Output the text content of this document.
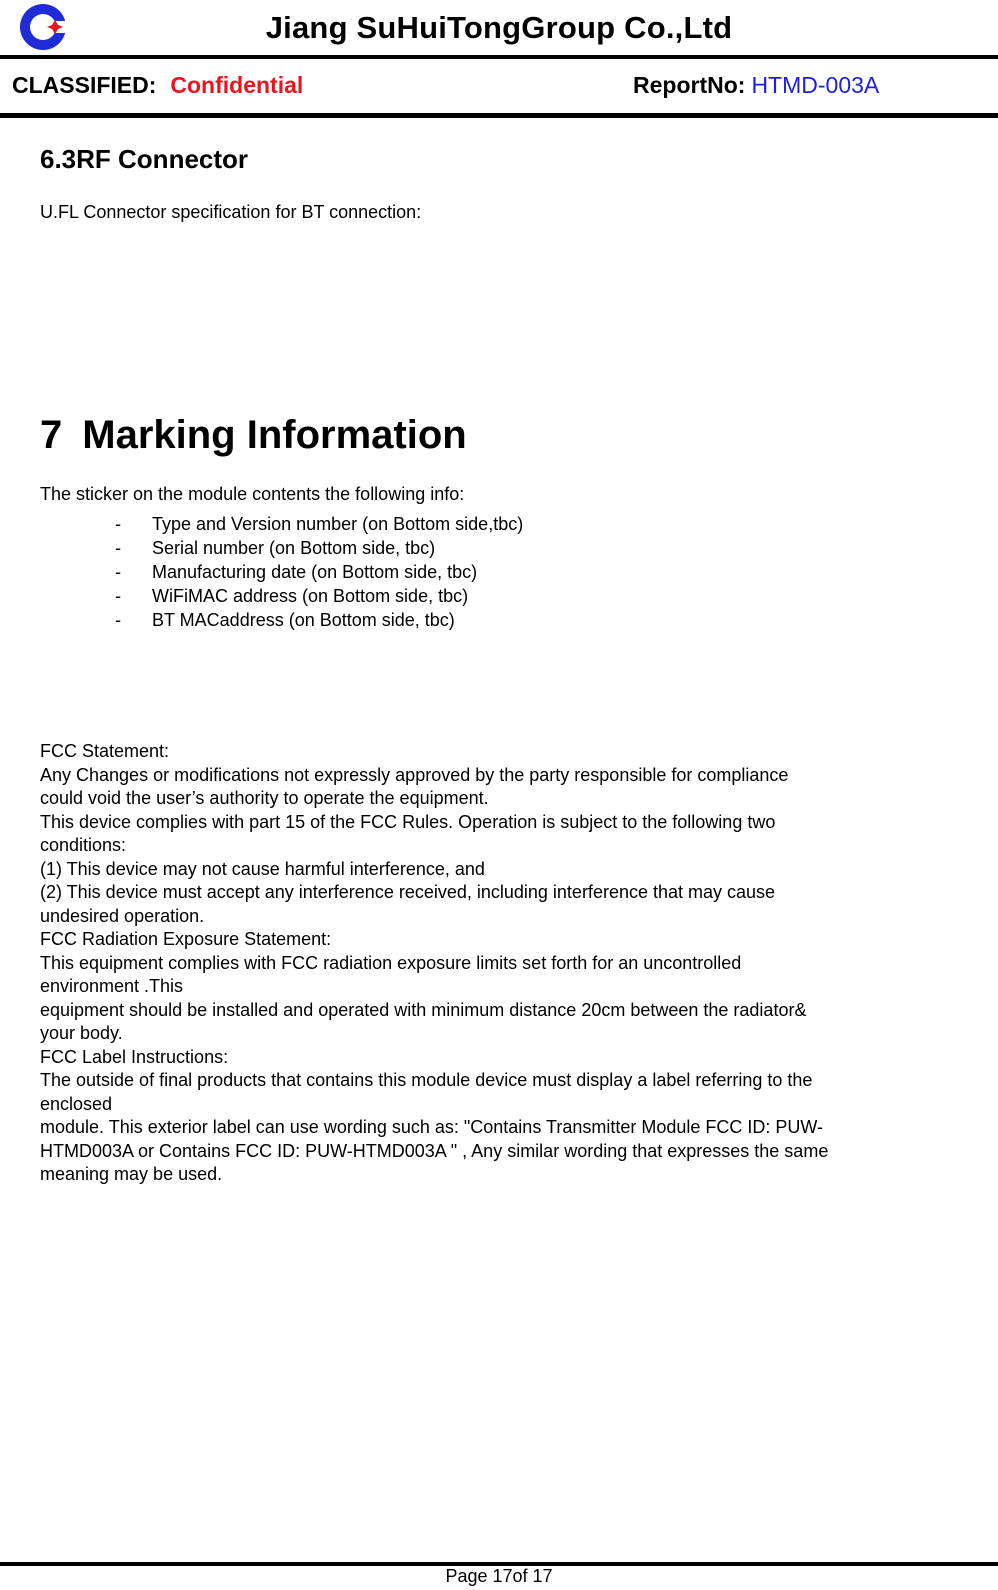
Jiang SuHuiTongGroup Co.,Ltd
CLASSIFIED: Confidential	ReportNo: HTMD-003A
6.3RF Connector
U.FL Connector specification for BT connection:
7 Marking Information
The sticker on the module contents the following info:
- Type and Version number (on Bottom side,tbc)
- Serial number (on Bottom side, tbc)
- Manufacturing date (on Bottom side, tbc)
- WiFiMAC address (on Bottom side, tbc)
- BT MACaddress (on Bottom side, tbc)
FCC Statement:
Any Changes or modifications not expressly approved by the party responsible for compliance
could void the user’s authority to operate the equipment.
This device complies with part 15 of the FCC Rules. Operation is subject to the following two
conditions:
(1) This device may not cause harmful interference, and
(2) This device must accept any interference received, including interference that may cause
undesired operation.
FCC Radiation Exposure Statement:
This equipment complies with FCC radiation exposure limits set forth for an uncontrolled
environment .This
equipment should be installed and operated with minimum distance 20cm between the radiator&
your body.
FCC Label Instructions:
The outside of final products that contains this module device must display a label referring to the
enclosed
module. This exterior label can use wording such as: "Contains Transmitter Module FCC ID: PUW-
HTMD003A or Contains FCC ID: PUW-HTMD003A " , Any similar wording that expresses the same
meaning may be used.
Page 17of 17
